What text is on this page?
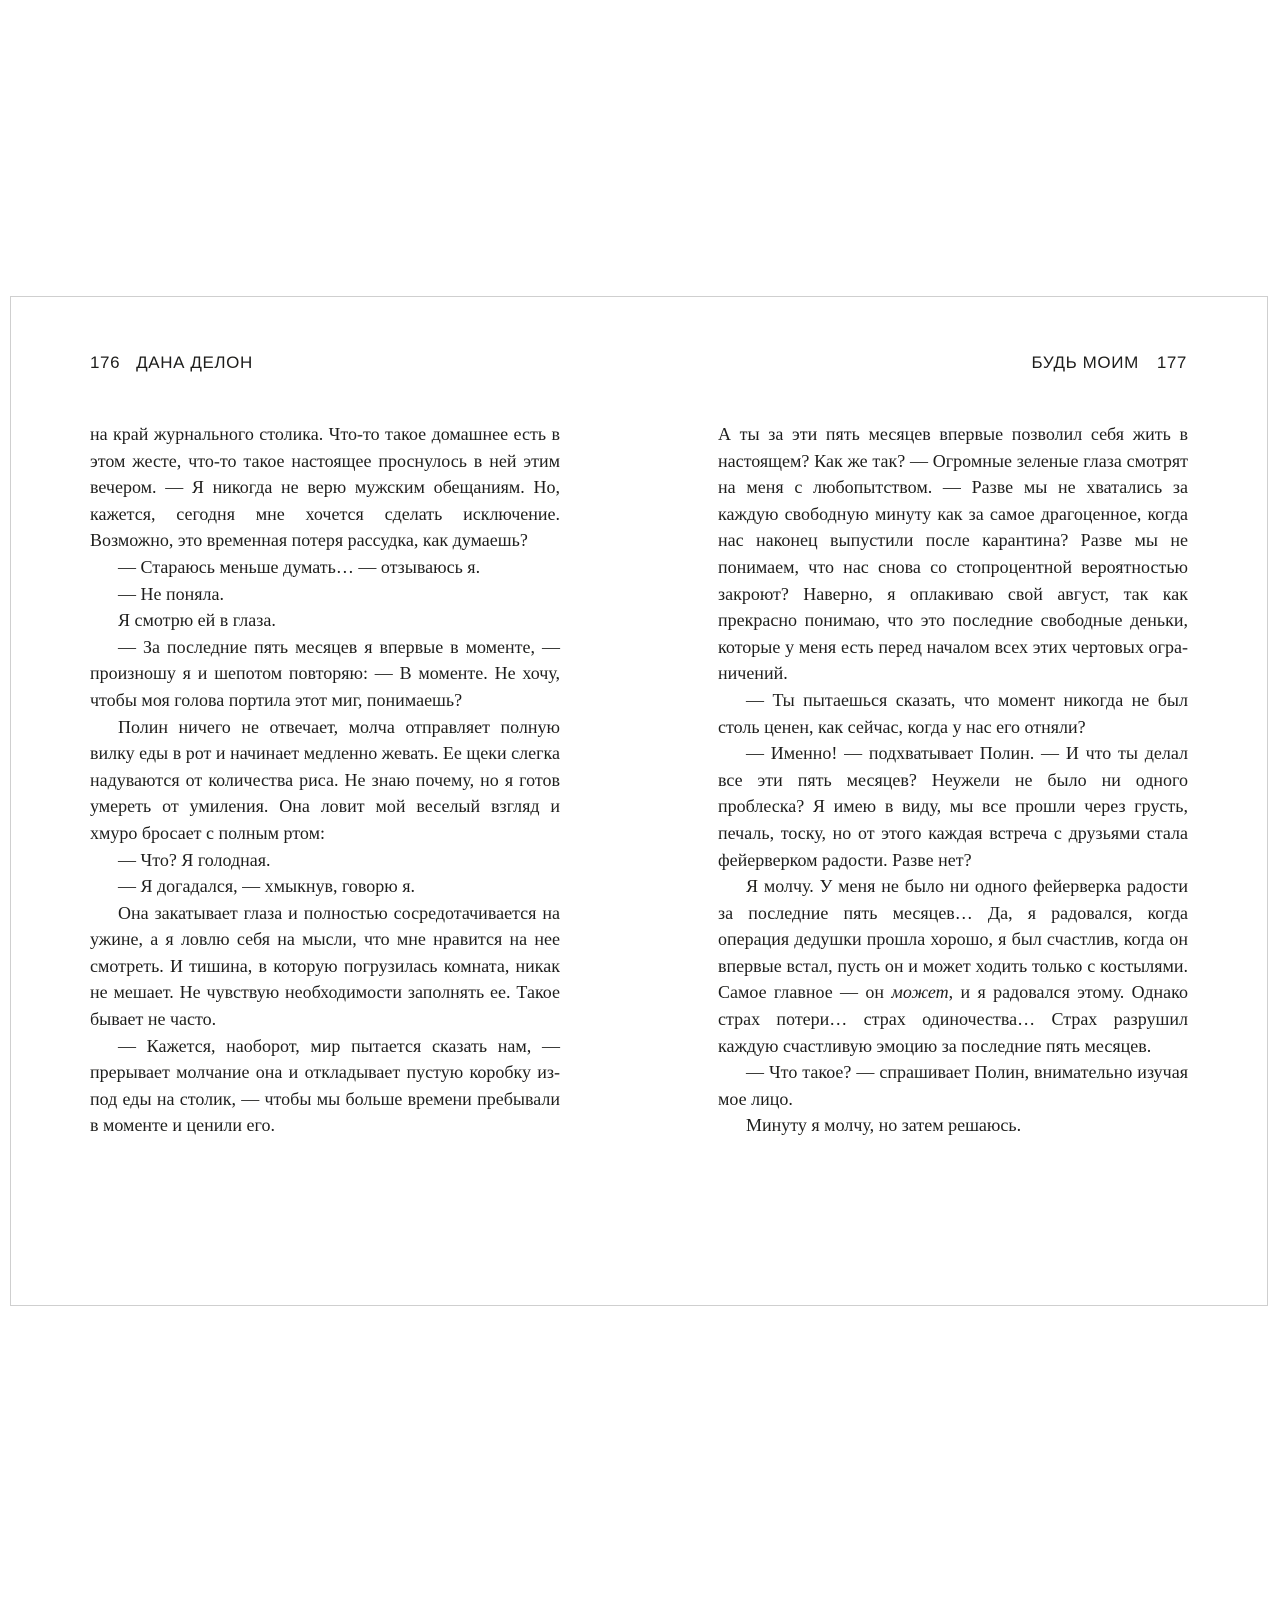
176 ДАНА ДЕЛОН	БУДЬ МОИМ 177

на край журнального столика. Что-то такое домашнее есть в этом жесте, что-то такое настоящее проснулось в ней этим вечером. — Я никогда не верю мужским обещаниям. Но, кажется, сегодня мне хочется сделать исключение. Возможно, это временная потеря рассудка, как думаешь?

— Стараюсь меньше думать… — отзываюсь я.

— Не поняла.

Я смотрю ей в глаза.

— За последние пять месяцев я впервые в моменте, — произношу я и шепотом повторяю: — В моменте. Не хочу, чтобы моя голова портила этот миг, понимаешь?

Полин ничего не отвечает, молча отправляет полную вилку еды в рот и начинает медленно жевать. Ее щеки слегка надуваются от количества риса. Не знаю почему, но я готов умереть от умиления. Она ловит мой веселый взгляд и хмуро бросает с полным ртом:

— Что? Я голодная.

— Я догадался, — хмыкнув, говорю я.

Она закатывает глаза и полностью сосредотачивается на ужине, а я ловлю себя на мысли, что мне нравится на нее смотреть. И тишина, в которую погрузилась комната, никак не мешает. Не чувствую необходимости заполнять ее. Такое бывает не часто.

— Кажется, наоборот, мир пытается сказать нам, — прерывает молчание она и откладывает пустую коробку из-под еды на столик, — чтобы мы больше времени пребывали в моменте и ценили его.

А ты за эти пять месяцев впервые позволил себя жить в настоящем? Как же так? — Огромные зеленые глаза смотрят на меня с любопытством. — Разве мы не хватались за каждую свободную минуту как за самое драгоценное, когда нас наконец выпустили после карантина? Разве мы не понимаем, что нас снова со стопроцентной вероятностью закроют? Наверно, я оплакиваю свой август, так как прекрасно понимаю, что это последние свободные деньки, которые у меня есть перед началом всех этих чертовых ограничений.

— Ты пытаешься сказать, что момент никогда не был столь ценен, как сейчас, когда у нас его отняли?

— Именно! — подхватывает Полин. — И что ты делал все эти пять месяцев? Неужели не было ни одного проблеска? Я имею в виду, мы все прошли через грусть, печаль, тоску, но от этого каждая встреча с друзьями стала фейерверком радости. Разве нет?

Я молчу. У меня не было ни одного фейерверка радости за последние пять месяцев… Да, я радовался, когда операция дедушки прошла хорошо, я был счастлив, когда он впервые встал, пусть он и может ходить только с костылями. Самое главное — он может, и я радовался этому. Однако страх потери… страх одиночества… Страх разрушил каждую счастливую эмоцию за последние пять месяцев.

— Что такое? — спрашивает Полин, внимательно изучая мое лицо.

Минуту я молчу, но затем решаюсь.
